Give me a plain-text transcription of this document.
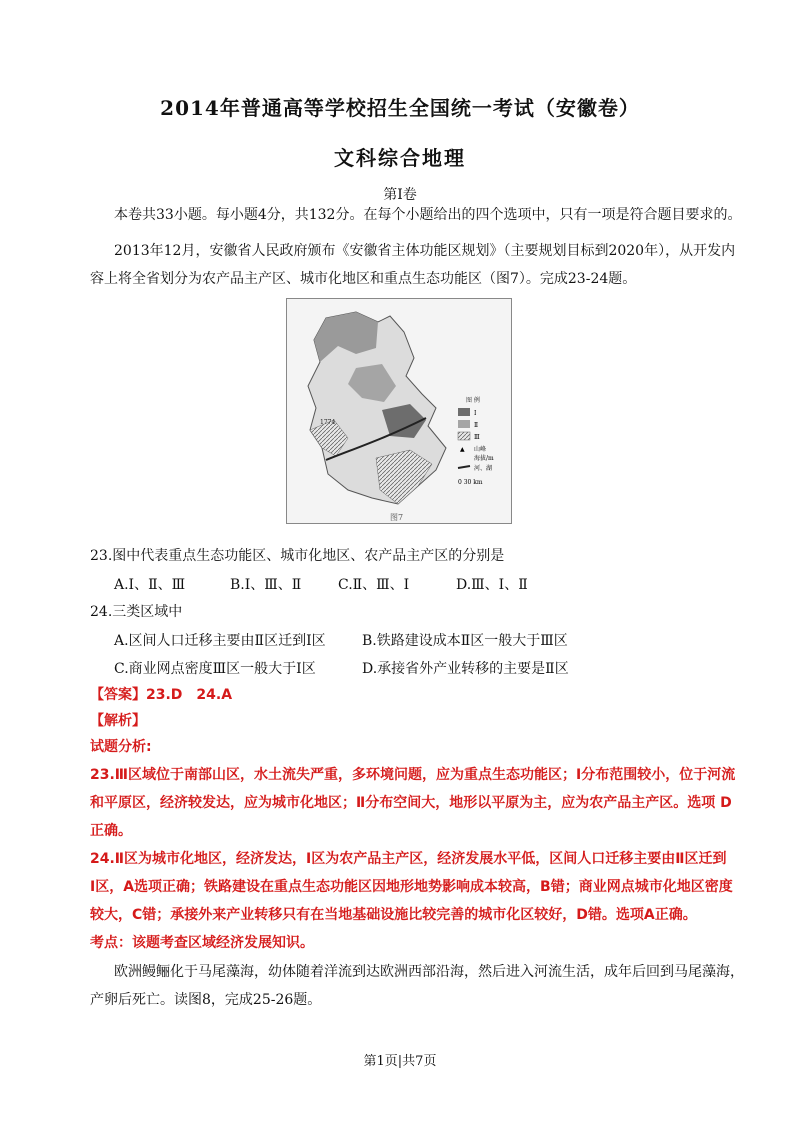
2014年普通高等学校招生全国统一考试（安徽卷）
文科综合地理
第Ⅰ卷
本卷共33小题。每小题4分，共132分。在每个小题给出的四个选项中，只有一项是符合题目要求的。
2013年12月，安徽省人民政府颁布《安徽省主体功能区规划》（主要规划目标到2020年），从开发内
容上将全省划分为农产品主产区、城市化地区和重点生态功能区（图7）。完成23-24题。
1774
图 例
Ⅰ
Ⅱ
Ⅲ
▲ 山峰
海拔/m
河、湖
0 30 km
图7
23.图中代表重点生态功能区、城市化地区、农产品主产区的分别是
A.Ⅰ、Ⅱ、Ⅲ	B.Ⅰ、Ⅲ、Ⅱ	C.Ⅱ、Ⅲ、Ⅰ	D.Ⅲ、Ⅰ、Ⅱ
24.三类区域中
A.区间人口迁移主要由Ⅱ区迁到Ⅰ区	B.铁路建设成本Ⅱ区一般大于Ⅲ区
C.商业网点密度Ⅲ区一般大于Ⅰ区	D.承接省外产业转移的主要是Ⅱ区
【答案】23.D　24.A
【解析】
试题分析:
23.Ⅲ区域位于南部山区，水土流失严重，多环境问题，应为重点生态功能区；Ⅰ分布范围较小，位于河流
和平原区，经济较发达，应为城市化地区；Ⅱ分布空间大，地形以平原为主，应为农产品主产区。选项 D
正确。
24.Ⅱ区为城市化地区，经济发达，Ⅰ区为农产品主产区，经济发展水平低，区间人口迁移主要由Ⅱ区迁到
Ⅰ区，A选项正确；铁路建设在重点生态功能区因地形地势影响成本较高，B错；商业网点城市化地区密度
较大，C错；承接外来产业转移只有在当地基础设施比较完善的城市化区较好，D错。选项A正确。
考点：该题考查区域经济发展知识。
欧洲鳗鲡化于马尾藻海，幼体随着洋流到达欧洲西部沿海，然后进入河流生活，成年后回到马尾藻海，
产卵后死亡。读图8，完成25-26题。
第1页|共7页
